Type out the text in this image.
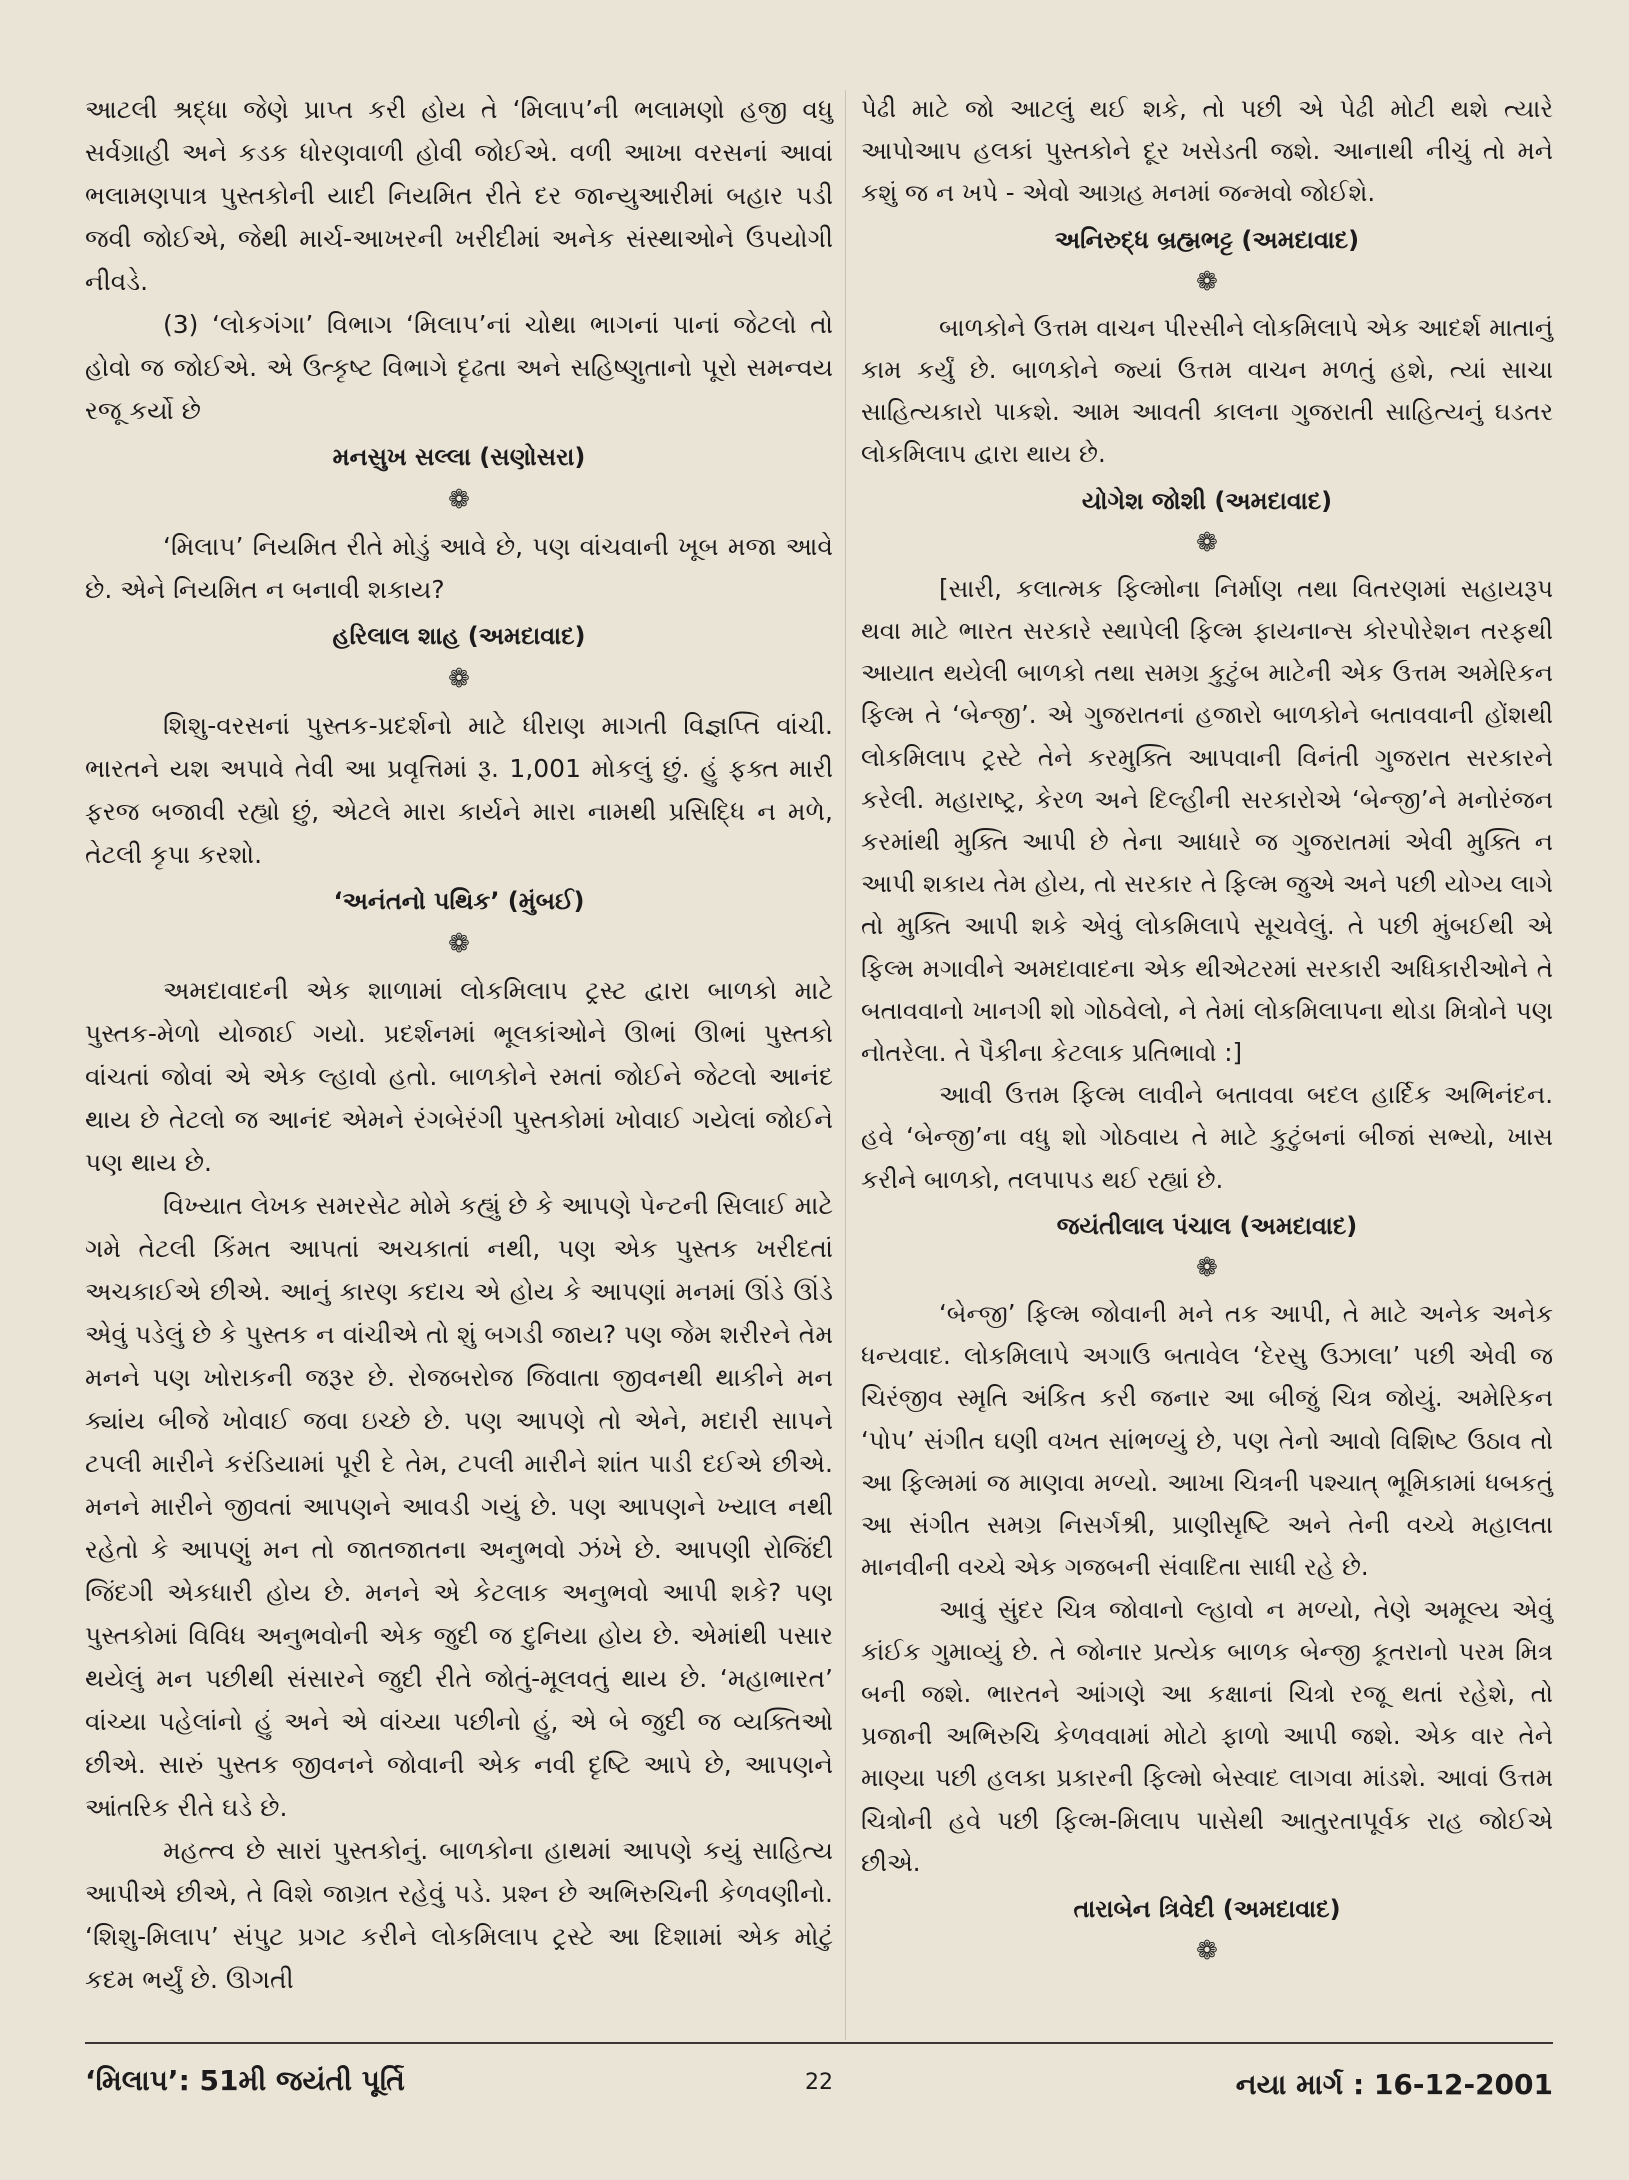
આટલી શ્રદ્ધા જેણે પ્રાપ્ત કરી હોય તે ‘મિલાપ’ની ભલામણો હજી વધુ સર્વગ્રાહી અને કડક ધોરણવાળી હોવી જોઈએ. વળી આખા વરસનાં આવાં ભલામણપાત્ર પુસ્તકોની યાદી નિયમિત રીતે દર જાન્યુઆરીમાં બહાર પડી જવી જોઈએ, જેથી માર્ચ-આખરની ખરીદીમાં અનેક સંસ્થાઓને ઉપયોગી નીવડે.

(3) ‘લોકગંગા’ વિભાગ ‘મિલાપ’નાં ચોથા ભાગનાં પાનાં જેટલો તો હોવો જ જોઈએ. એ ઉત્કૃષ્ટ વિભાગે દૃઢતા અને સહિષ્ણુતાનો પૂરો સમન્વય રજૂ કર્યો છે

મનસુખ સલ્લા (સણોસરા)
❁

‘મિલાપ’ નિયમિત રીતે મોડું આવે છે, પણ વાંચવાની ખૂબ મજા આવે છે. એને નિયમિત ન બનાવી શકાય?

હરિલાલ શાહ (અમદાવાદ)
❁

શિશુ-વરસનાં પુસ્તક-પ્રદર્શનો માટે ધીરાણ માગતી વિજ્ઞપ્તિ વાંચી. ભારતને યશ અપાવે તેવી આ પ્રવૃત્તિમાં રૂ. 1,001 મોકલું છું. હું ફક્ત મારી ફરજ બજાવી રહ્યો છું, એટલે મારા કાર્યને મારા નામથી પ્રસિદ્ધિ ન મળે, તેટલી કૃપા કરશો.

‘અનંતનો પથિક’ (મુંબઈ)
❁

અમદાવાદની એક શાળામાં લોકમિલાપ ટ્રસ્ટ દ્વારા બાળકો માટે પુસ્તક-મેળો યોજાઈ ગયો. પ્રદર્શનમાં ભૂલકાંઓને ઊભાં ઊભાં પુસ્તકો વાંચતાં જોવાં એ એક લ્હાવો હતો. બાળકોને રમતાં જોઈને જેટલો આનંદ થાય છે તેટલો જ આનંદ એમને રંગબેરંગી પુસ્તકોમાં ખોવાઈ ગયેલાં જોઈને પણ થાય છે.

વિખ્યાત લેખક સમરસેટ મોમે કહ્યું છે કે આપણે પેન્ટની સિલાઈ માટે ગમે તેટલી કિંમત આપતાં અચકાતાં નથી, પણ એક પુસ્તક ખરીદતાં અચકાઈએ છીએ. આનું કારણ કદાચ એ હોય કે આપણાં મનમાં ઊંડે ઊંડે એવું પડેલું છે કે પુસ્તક ન વાંચીએ તો શું બગડી જાય? પણ જેમ શરીરને તેમ મનને પણ ખોરાકની જરૂર છે. રોજબરોજ જિવાતા જીવનથી થાકીને મન ક્યાંય બીજે ખોવાઈ જવા ઇચ્છે છે. પણ આપણે તો એને, મદારી સાપને ટપલી મારીને કરંડિયામાં પૂરી દે તેમ, ટપલી મારીને શાંત પાડી દઈએ છીએ. મનને મારીને જીવતાં આપણને આવડી ગયું છે. પણ આપણને ખ્યાલ નથી રહેતો કે આપણું મન તો જાતજાતના અનુભવો ઝંખે છે. આપણી રોજિંદી જિંદગી એકધારી હોય છે. મનને એ કેટલાક અનુભવો આપી શકે? પણ પુસ્તકોમાં વિવિધ અનુભવોની એક જુદી જ દુનિયા હોય છે. એમાંથી પસાર થયેલું મન પછીથી સંસારને જુદી રીતે જોતું-મૂલવતું થાય છે. ‘મહાભારત’ વાંચ્યા પહેલાંનો હું અને એ વાંચ્યા પછીનો હું, એ બે જુદી જ વ્યક્તિઓ છીએ. સારું પુસ્તક જીવનને જોવાની એક નવી દૃષ્ટિ આપે છે, આપણને આંતરિક રીતે ઘડે છે.

મહત્ત્વ છે સારાં પુસ્તકોનું. બાળકોના હાથમાં આપણે કયું સાહિત્ય આપીએ છીએ, તે વિશે જાગ્રત રહેવું પડે. પ્રશ્ન છે અભિરુચિની કેળવણીનો. ‘શિશુ-મિલાપ’ સંપુટ પ્રગટ કરીને લોકમિલાપ ટ્રસ્ટે આ દિશામાં એક મોટું કદમ ભર્યું છે. ઊગતી

પેઢી માટે જો આટલું થઈ શકે, તો પછી એ પેઢી મોટી થશે ત્યારે આપોઆપ હલકાં પુસ્તકોને દૂર ખસેડતી જશે. આનાથી નીચું તો મને કશું જ ન ખપે - એવો આગ્રહ મનમાં જન્મવો જોઈશે.

અનિરુદ્ધ બ્રહ્મભટ્ટ (અમદાવાદ)
❁

બાળકોને ઉત્તમ વાચન પીરસીને લોકમિલાપે એક આદર્શ માતાનું કામ કર્યું છે. બાળકોને જ્યાં ઉત્તમ વાચન મળતું હશે, ત્યાં સાચા સાહિત્યકારો પાકશે. આમ આવતી કાલના ગુજરાતી સાહિત્યનું ઘડતર લોકમિલાપ દ્વારા થાય છે.

યોગેશ જોશી (અમદાવાદ)
❁

[સારી, કલાત્મક ફિલ્મોના નિર્માણ તથા વિતરણમાં સહાયરૂપ થવા માટે ભારત સરકારે સ્થાપેલી ફિલ્મ ફાયનાન્સ કોરપોરેશન તરફથી આયાત થયેલી બાળકો તથા સમગ્ર કુટુંબ માટેની એક ઉત્તમ અમેરિકન ફિલ્મ તે ‘બેન્જી’. એ ગુજરાતનાં હજારો બાળકોને બતાવવાની હોંશથી લોકમિલાપ ટ્રસ્ટે તેને કરમુક્તિ આપવાની વિનંતી ગુજરાત સરકારને કરેલી. મહારાષ્ટ્ર, કેરળ અને દિલ્હીની સરકારોએ ‘બેન્જી’ને મનોરંજન કરમાંથી મુક્તિ આપી છે તેના આધારે જ ગુજરાતમાં એવી મુક્તિ ન આપી શકાય તેમ હોય, તો સરકાર તે ફિલ્મ જુએ અને પછી યોગ્ય લાગે તો મુક્તિ આપી શકે એવું લોકમિલાપે સૂચવેલું. તે પછી મુંબઈથી એ ફિલ્મ મગાવીને અમદાવાદના એક થીએટરમાં સરકારી અધિકારીઓને તે બતાવવાનો ખાનગી શો ગોઠવેલો, ને તેમાં લોકમિલાપના થોડા મિત્રોને પણ નોતરેલા. તે પૈકીના કેટલાક પ્રતિભાવો :]

આવી ઉત્તમ ફિલ્મ લાવીને બતાવવા બદલ હાર્દિક અભિનંદન. હવે ‘બેન્જી’ના વધુ શો ગોઠવાય તે માટે કુટુંબનાં બીજાં સભ્યો, ખાસ કરીને બાળકો, તલપાપડ થઈ રહ્યાં છે.

જયંતીલાલ પંચાલ (અમદાવાદ)
❁

‘બેન્જી’ ફિલ્મ જોવાની મને તક આપી, તે માટે અનેક અનેક ધન્યવાદ. લોકમિલાપે અગાઉ બતાવેલ ‘દેરસુ ઉઝાલા’ પછી એવી જ ચિરંજીવ સ્મૃતિ અંકિત કરી જનાર આ બીજું ચિત્ર જોયું. અમેરિકન ‘પોપ’ સંગીત ઘણી વખત સાંભળ્યું છે, પણ તેનો આવો વિશિષ્ટ ઉઠાવ તો આ ફિલ્મમાં જ માણવા મળ્યો. આખા ચિત્રની પશ્ચાત્ ભૂમિકામાં ધબકતું આ સંગીત સમગ્ર નિસર્ગશ્રી, પ્રાણીસૃષ્ટિ અને તેની વચ્ચે મહાલતા માનવીની વચ્ચે એક ગજબની સંવાદિતા સાધી રહે છે.

આવું સુંદર ચિત્ર જોવાનો લ્હાવો ન મળ્યો, તેણે અમૂલ્ય એવું કાંઈક ગુમાવ્યું છે. તે જોનાર પ્રત્યેક બાળક બેન્જી કૂતરાનો પરમ મિત્ર બની જશે. ભારતને આંગણે આ કક્ષાનાં ચિત્રો રજૂ થતાં રહેશે, તો પ્રજાની અભિરુચિ કેળવવામાં મોટો ફાળો આપી જશે. એક વાર તેને માણ્યા પછી હલકા પ્રકારની ફિલ્મો બેસ્વાદ લાગવા માંડશે. આવાં ઉત્તમ ચિત્રોની હવે પછી ફિલ્મ-મિલાપ પાસેથી આતુરતાપૂર્વક રાહ જોઈએ છીએ.

તારાબેન ત્રિવેદી (અમદાવાદ)
❁
‘મિલાપ’: 51મી જયંતી પૂર્તિ	22	નયા માર્ગ : 16-12-2001
